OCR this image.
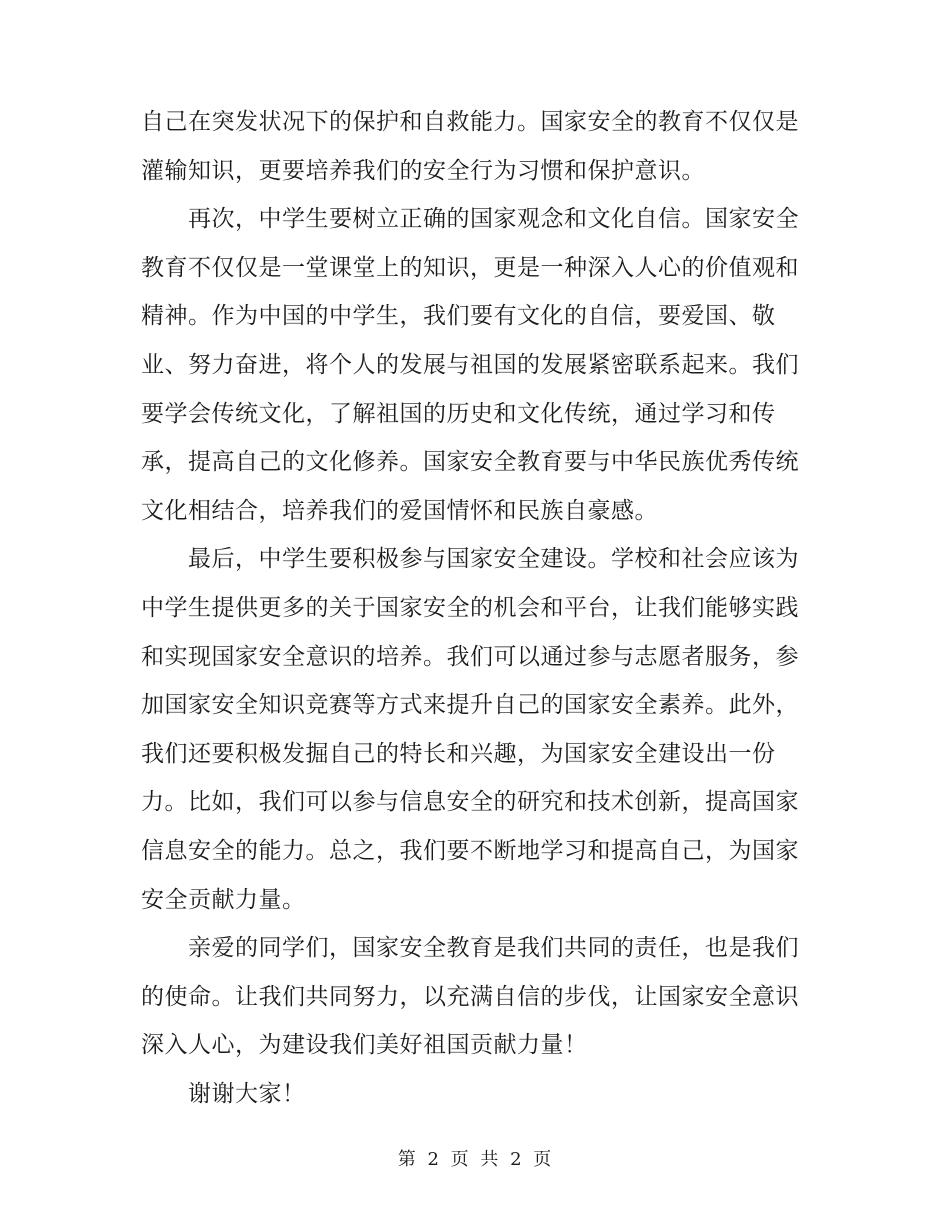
自己在突发状况下的保护和自救能力。国家安全的教育不仅仅是
灌输知识，更要培养我们的安全行为习惯和保护意识。
再次，中学生要树立正确的国家观念和文化自信。国家安全
教育不仅仅是一堂课堂上的知识，更是一种深入人心的价值观和
精神。作为中国的中学生，我们要有文化的自信，要爱国、敬
业、努力奋进，将个人的发展与祖国的发展紧密联系起来。我们
要学会传统文化，了解祖国的历史和文化传统，通过学习和传
承，提高自己的文化修养。国家安全教育要与中华民族优秀传统
文化相结合，培养我们的爱国情怀和民族自豪感。
最后，中学生要积极参与国家安全建设。学校和社会应该为
中学生提供更多的关于国家安全的机会和平台，让我们能够实践
和实现国家安全意识的培养。我们可以通过参与志愿者服务，参
加国家安全知识竞赛等方式来提升自己的国家安全素养。此外，
我们还要积极发掘自己的特长和兴趣，为国家安全建设出一份
力。比如，我们可以参与信息安全的研究和技术创新，提高国家
信息安全的能力。总之，我们要不断地学习和提高自己，为国家
安全贡献力量。
亲爱的同学们，国家安全教育是我们共同的责任，也是我们
的使命。让我们共同努力，以充满自信的步伐，让国家安全意识
深入人心，为建设我们美好祖国贡献力量！
谢谢大家！
第 2 页 共 2 页
